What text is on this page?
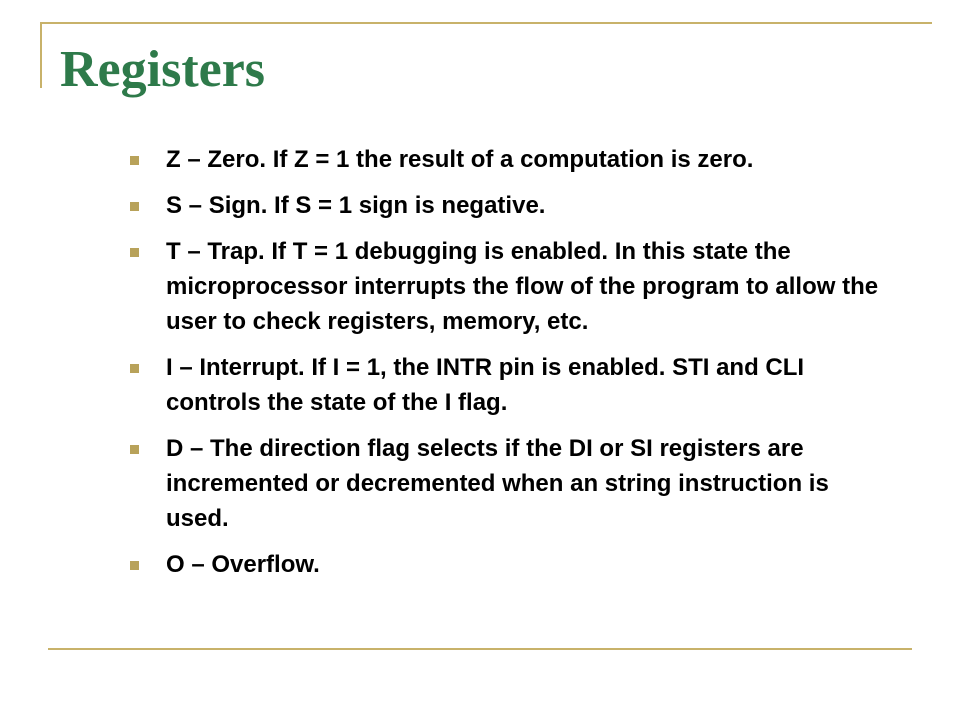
Registers
Z – Zero. If Z = 1 the result of a computation is zero.
S – Sign. If S = 1 sign is negative.
T – Trap. If T = 1 debugging is enabled. In this state the microprocessor interrupts the flow of the program to allow the user to check registers, memory, etc.
I – Interrupt. If I = 1, the INTR pin is enabled. STI and CLI controls the state of the I flag.
D – The direction flag selects if the DI or SI registers are incremented or decremented when an string instruction is used.
O – Overflow.
